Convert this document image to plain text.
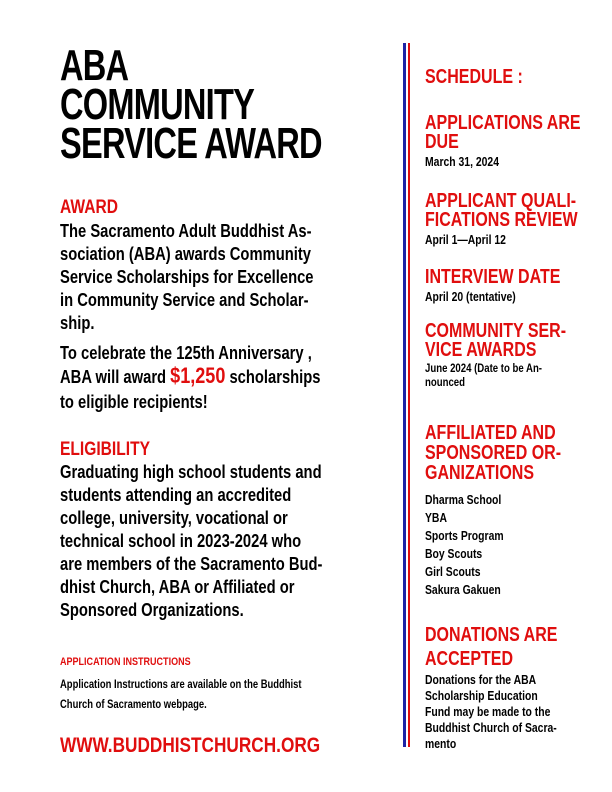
ABA
COMMUNITY
SERVICE AWARD
AWARD
The Sacramento Adult Buddhist As-
sociation (ABA) awards Community
Service Scholarships for Excellence
in Community Service and Scholar-
ship.
To celebrate the 125th Anniversary ,
ABA will award $1,250 scholarships
to eligible recipients!
ELIGIBILITY
Graduating high school students and
students attending an accredited
college, university, vocational or
technical school in 2023-2024 who
are members of the Sacramento Bud-
dhist Church, ABA or Affiliated or
Sponsored Organizations.
APPLICATION INSTRUCTIONS
Application Instructions are available on the Buddhist
Church of Sacramento webpage.
WWW.BUDDHISTCHURCH.ORG
SCHEDULE :
APPLICATIONS ARE
DUE
March 31, 2024
APPLICANT QUALI-
FICATIONS REVIEW
April 1—April 12
INTERVIEW DATE
April 20 (tentative)
COMMUNITY SER-
VICE AWARDS
June 2024 (Date to be An-
nounced
AFFILIATED AND
SPONSORED OR-
GANIZATIONS
Dharma School
YBA
Sports Program
Boy Scouts
Girl Scouts
Sakura Gakuen
DONATIONS ARE
ACCEPTED
Donations for the ABA
Scholarship Education
Fund may be made to the
Buddhist Church of Sacra-
mento
